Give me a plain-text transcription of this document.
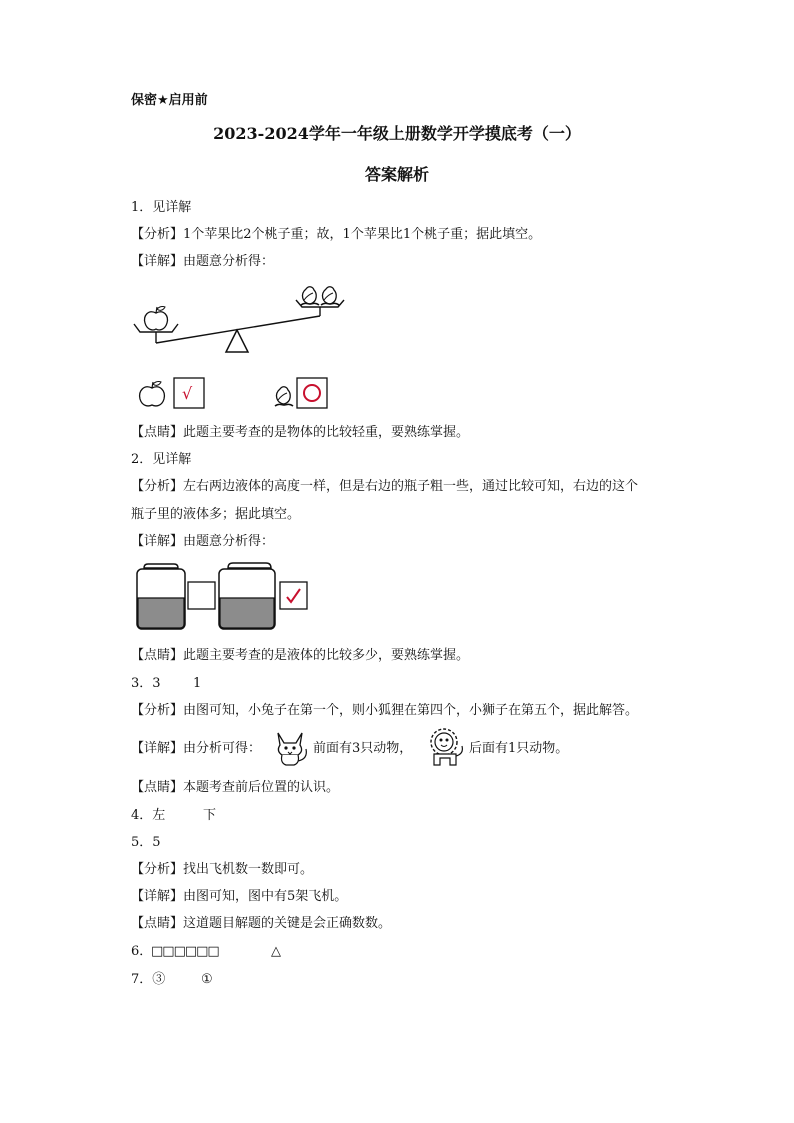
保密★启用前
2023-2024学年一年级上册数学开学摸底考（一）
答案解析
1．见详解
【分析】1个苹果比2个桃子重；故，1个苹果比1个桃子重；据此填空。
【详解】由题意分析得：
√
【点睛】此题主要考查的是物体的比较轻重，要熟练掌握。
2．见详解
【分析】左右两边液体的高度一样，但是右边的瓶子粗一些，通过比较可知，右边的这个
瓶子里的液体多；据此填空。
【详解】由题意分析得：
【点睛】此题主要考查的是液体的比较多少，要熟练掌握。
3．3 1
【分析】由图可知，小兔子在第一个，则小狐狸在第四个，小狮子在第五个，据此解答。
【详解】由分析可得：	前面有3只动物，	后面有1只动物。
【点睛】本题考查前后位置的认识。
4．左	下
5．5
【分析】找出飞机数一数即可。
【详解】由图可知，图中有5架飞机。
【点睛】这道题目解题的关键是会正确数数。
6．
□□□□□□	△
7．③	①
